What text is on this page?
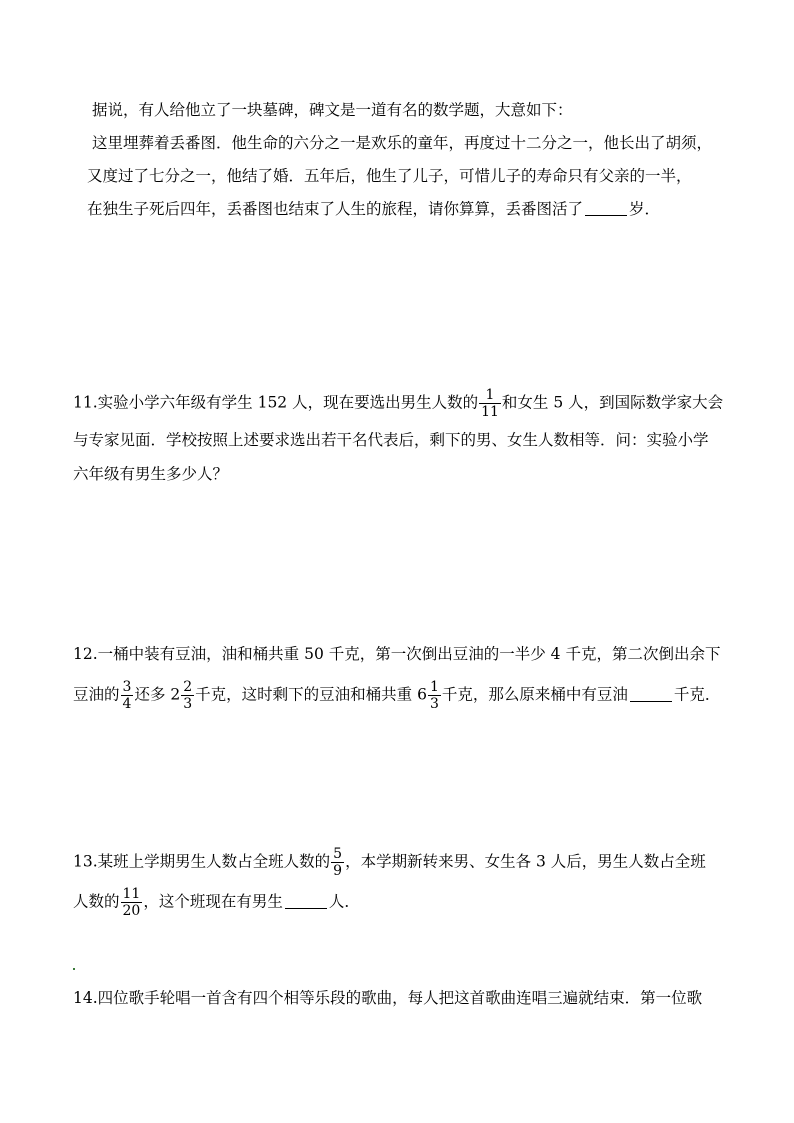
据说，有人给他立了一块墓碑，碑文是一道有名的数学题，大意如下：
这里埋葬着丢番图．他生命的六分之一是欢乐的童年，再度过十二分之一，他长出了胡须，
又度过了七分之一，他结了婚．五年后，他生了儿子，可惜儿子的寿命只有父亲的一半，
在独生子死后四年，丢番图也结束了人生的旅程，请你算算，丢番图活了	岁．
11.实验小学六年级有学生 152 人，现在要选出男生人数的 $\frac{1}{11}$ 和女生 5 人，到国际数学家大会
与专家见面．学校按照上述要求选出若干名代表后，剩下的男、女生人数相等．问：实验小学
六年级有男生多少人？
12.一桶中装有豆油，油和桶共重 50 千克，第一次倒出豆油的一半少 4 千克，第二次倒出余下
豆油的 $\frac{3}{4}$ 还多 $2 \frac{2}{3}$ 千克，这时剩下的豆油和桶共重 $6 \frac{1}{3}$ 千克，那么原来桶中有豆油	千克．
13.某班上学期男生人数占全班人数的 $\frac{5}{9}$ ，本学期新转来男、女生各 3 人后，男生人数占全班
人数的 $\frac{11}{20}$ ，这个班现在有男生	人．
14.四位歌手轮唱一首含有四个相等乐段的歌曲，每人把这首歌曲连唱三遍就结束．第一位歌
